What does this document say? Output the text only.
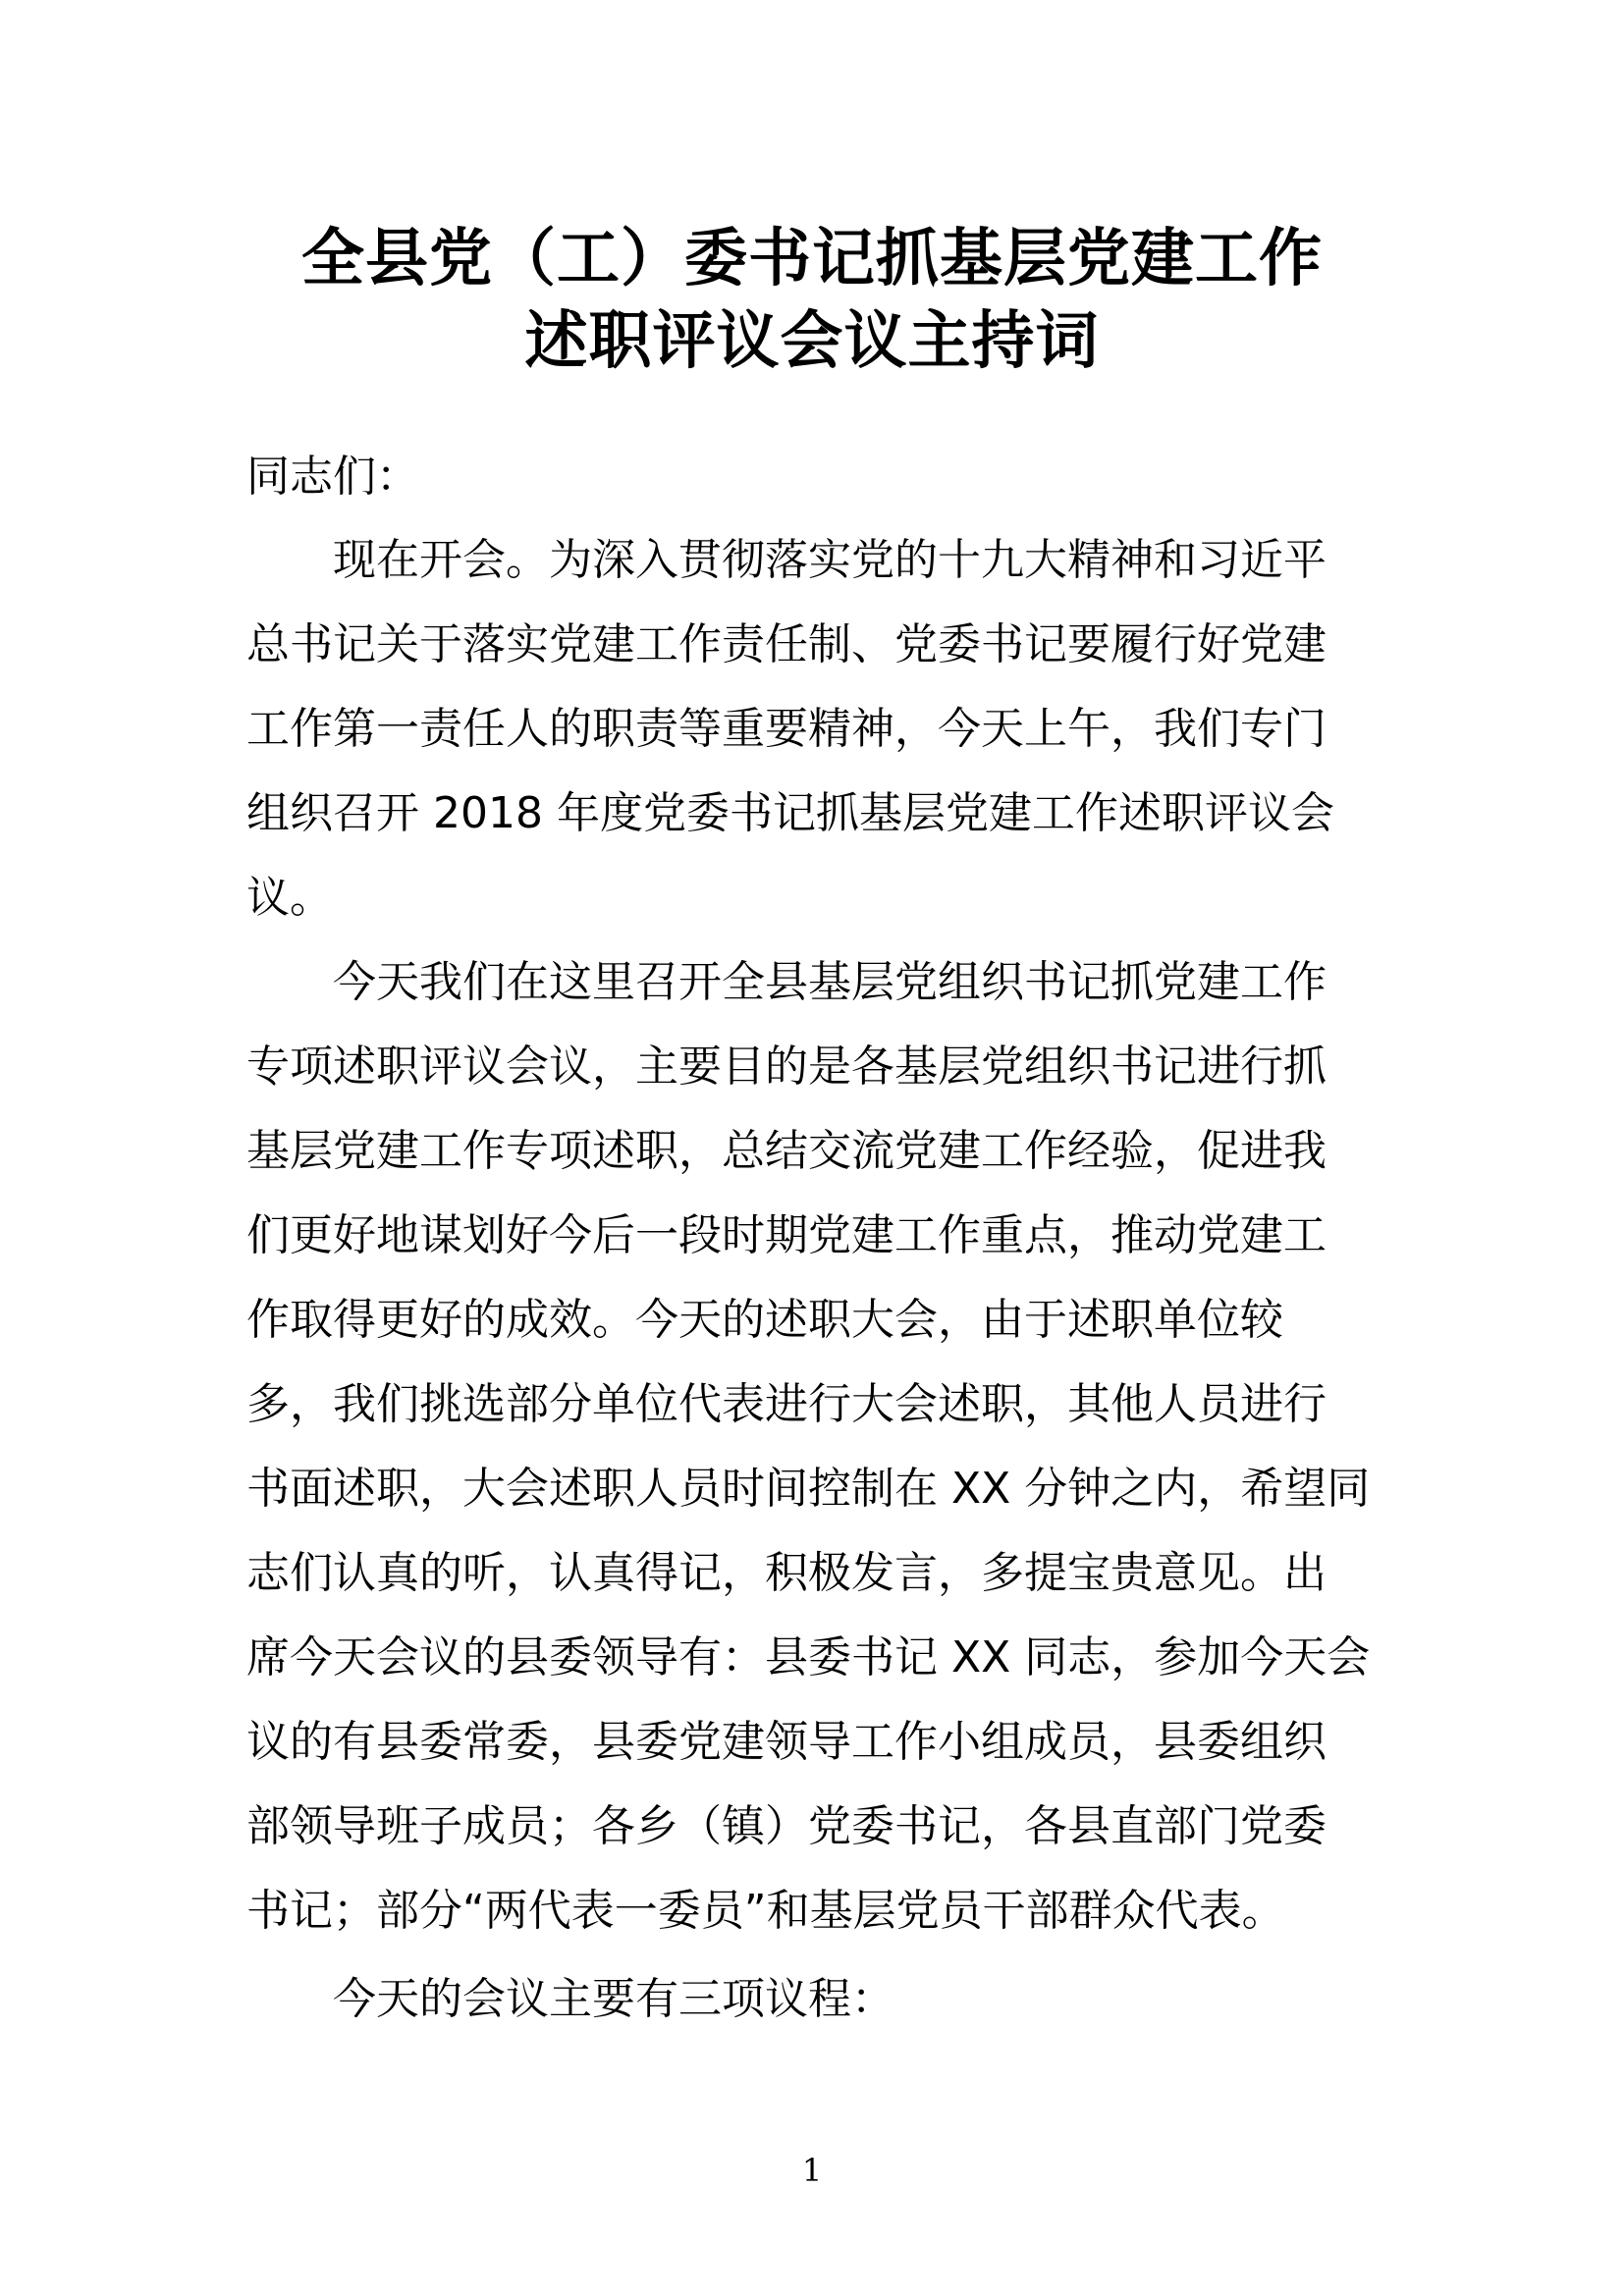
全县党（工）委书记抓基层党建工作
述职评议会议主持词
同志们：
现在开会。为深入贯彻落实党的十九大精神和习近平
总书记关于落实党建工作责任制、党委书记要履行好党建
工作第一责任人的职责等重要精神，今天上午，我们专门
组织召开 2018 年度党委书记抓基层党建工作述职评议会
议。
今天我们在这里召开全县基层党组织书记抓党建工作
专项述职评议会议，主要目的是各基层党组织书记进行抓
基层党建工作专项述职，总结交流党建工作经验，促进我
们更好地谋划好今后一段时期党建工作重点，推动党建工
作取得更好的成效。今天的述职大会，由于述职单位较
多，我们挑选部分单位代表进行大会述职，其他人员进行
书面述职，大会述职人员时间控制在 XX 分钟之内，希望同
志们认真的听，认真得记，积极发言，多提宝贵意见。出
席今天会议的县委领导有：县委书记 XX 同志，参加今天会
议的有县委常委，县委党建领导工作小组成员，县委组织
部领导班子成员；各乡（镇）党委书记，各县直部门党委
书记；部分“两代表一委员”和基层党员干部群众代表。
今天的会议主要有三项议程：
1
